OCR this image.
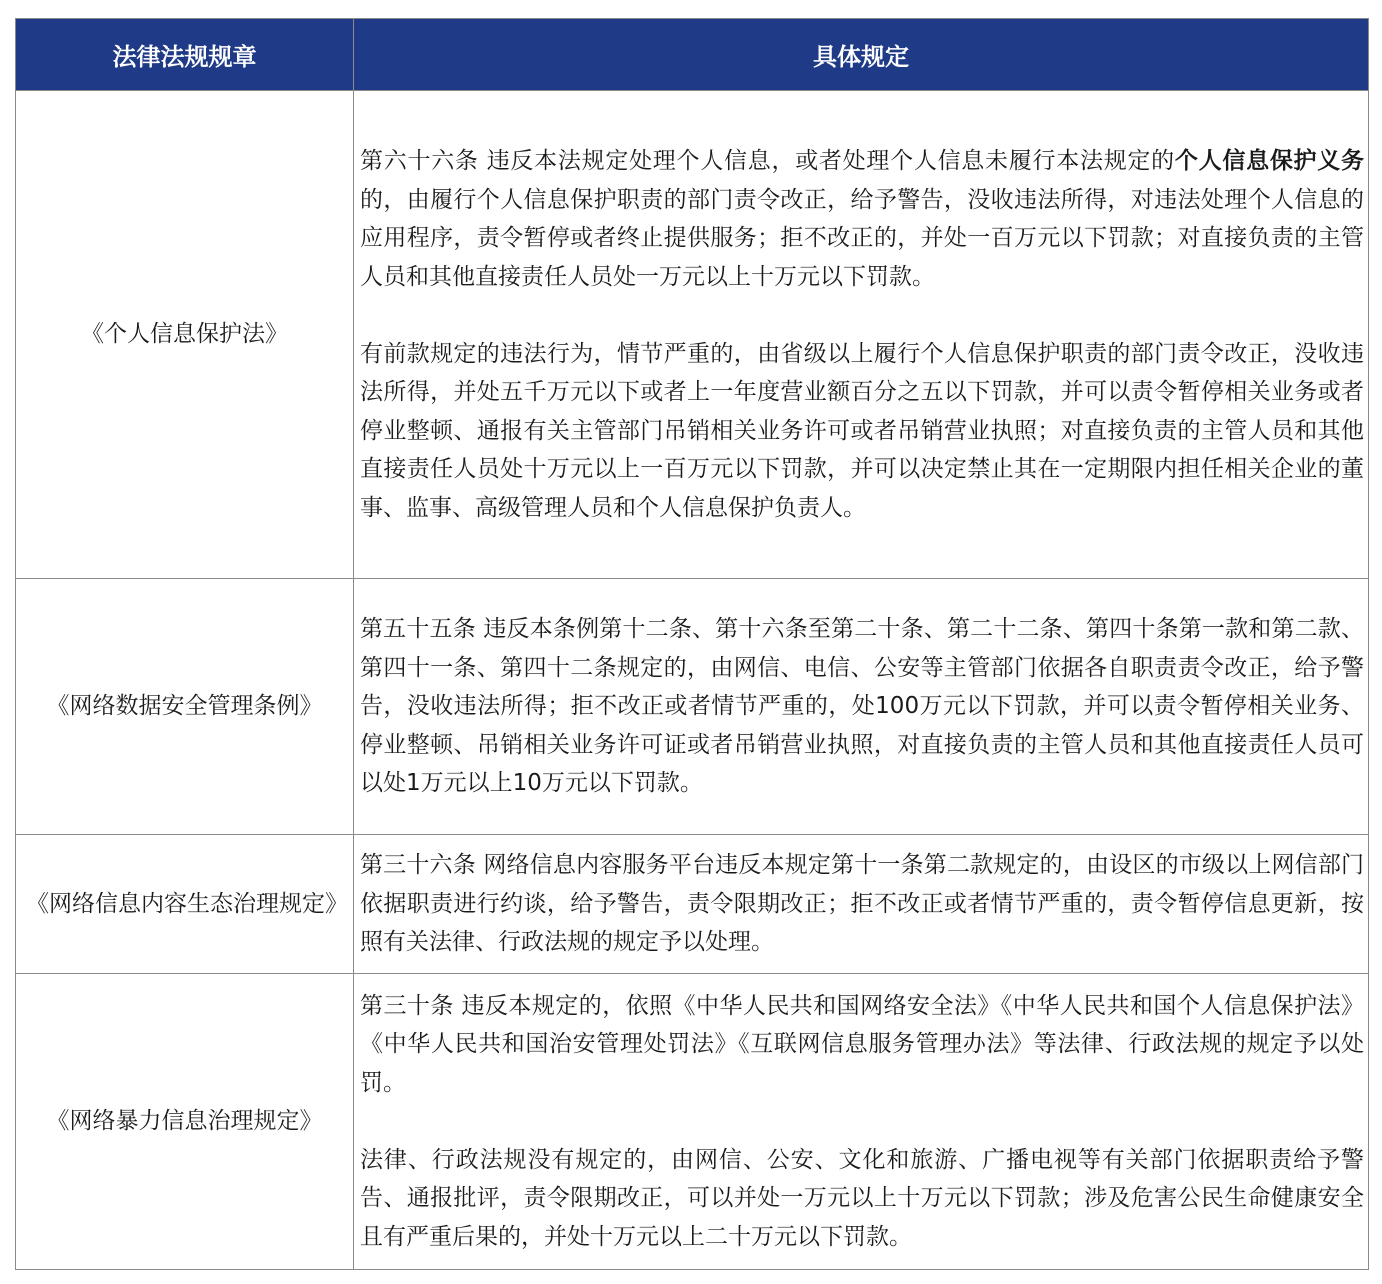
法律法规规章	具体规定
《个人信息保护法》	第六十六条 违反本法规定处理个人信息，或者处理个人信息未履行本法规定的个人信息保护义务的，由履行个人信息保护职责的部门责令改正，给予警告，没收违法所得，对违法处理个人信息的应用程序，责令暂停或者终止提供服务；拒不改正的，并处一百万元以下罚款；对直接负责的主管人员和其他直接责任人员处一万元以上十万元以下罚款。

有前款规定的违法行为，情节严重的，由省级以上履行个人信息保护职责的部门责令改正，没收违法所得，并处五千万元以下或者上一年度营业额百分之五以下罚款，并可以责令暂停相关业务或者停业整顿、通报有关主管部门吊销相关业务许可或者吊销营业执照；对直接负责的主管人员和其他直接责任人员处十万元以上一百万元以下罚款，并可以决定禁止其在一定期限内担任相关企业的董事、监事、高级管理人员和个人信息保护负责人。

《网络数据安全管理条例》	第五十五条 违反本条例第十二条、第十六条至第二十条、第二十二条、第四十条第一款和第二款、第四十一条、第四十二条规定的，由网信、电信、公安等主管部门依据各自职责责令改正，给予警告，没收违法所得；拒不改正或者情节严重的，处100万元以下罚款，并可以责令暂停相关业务、停业整顿、吊销相关业务许可证或者吊销营业执照，对直接负责的主管人员和其他直接责任人员可以处1万元以上10万元以下罚款。

《网络信息内容生态治理规定》	第三十六条 网络信息内容服务平台违反本规定第十一条第二款规定的，由设区的市级以上网信部门依据职责进行约谈，给予警告，责令限期改正；拒不改正或者情节严重的，责令暂停信息更新，按照有关法律、行政法规的规定予以处理。

《网络暴力信息治理规定》	第三十条 违反本规定的，依照《中华人民共和国网络安全法》《中华人民共和国个人信息保护法》《中华人民共和国治安管理处罚法》《互联网信息服务管理办法》等法律、行政法规的规定予以处罚。

法律、行政法规没有规定的，由网信、公安、文化和旅游、广播电视等有关部门依据职责给予警告、通报批评，责令限期改正，可以并处一万元以上十万元以下罚款；涉及危害公民生命健康安全且有严重后果的，并处十万元以上二十万元以下罚款。
